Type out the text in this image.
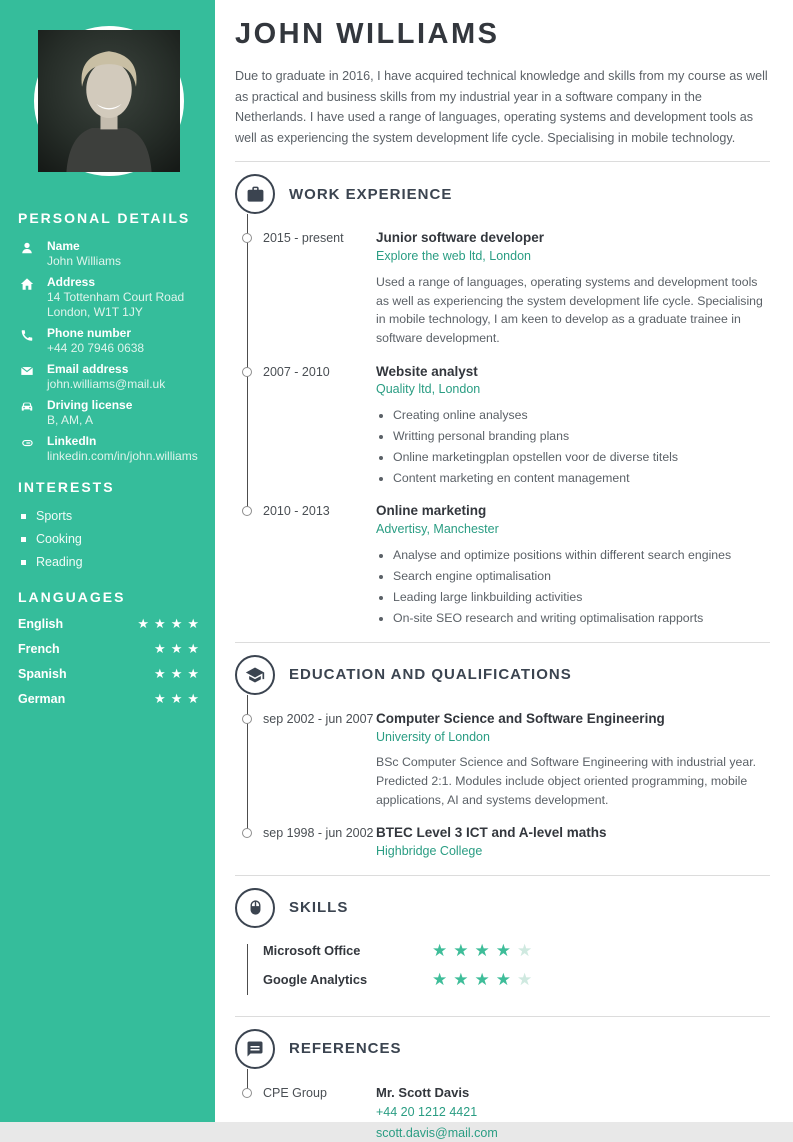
PERSONAL DETAILS
Name
John Williams
Address
14 Tottenham Court Road
London, W1T 1JY
Phone number
+44 20 7946 0638
Email address
john.williams@mail.uk
Driving license
B, AM, A
LinkedIn
linkedin.com/in/john.williams
INTERESTS
Sports
Cooking
Reading
LANGUAGES
English	★ ★ ★ ★
French	★ ★ ★
Spanish	★ ★ ★
German	★ ★ ★
JOHN WILLIAMS

Due to graduate in 2016, I have acquired technical knowledge and skills from my course as well as practical and business skills from my industrial year in a software company in the Netherlands. I have used a range of languages, operating systems and development tools as well as experiencing the system development life cycle. Specialising in mobile technology.

WORK EXPERIENCE
2015 - present Junior software developer
Explore the web ltd, London

Used a range of languages, operating systems and development tools as well as experiencing the system development life cycle. Specialising in mobile technology, I am keen to develop as a graduate trainee in software development.

2007 - 2010	Website analyst
Quality ltd, London
• Creating online analyses
• Writting personal branding plans
• Online marketingplan opstellen voor de diverse titels
• Content marketing en content management
2010 - 2013	Online marketing
Advertisy, Manchester
• Analyse and optimize positions within different search engines
• Search engine optimalisation
• Leading large linkbuilding activities
• On-site SEO research and writing optimalisation rapports
EDUCATION AND QUALIFICATIONS
sep 2002 - jun 2007 Computer Science and Software Engineering
University of London

BSc Computer Science and Software Engineering with industrial year. Predicted 2:1. Modules include object oriented programming, mobile applications, AI and systems development.

sep 1998 - jun 2002 BTEC Level 3 ICT and A-level maths
Highbridge College
SKILLS
Microsoft Office	★ ★ ★ ★ ★
Google Analytics	★ ★ ★ ★ ★
REFERENCES
CPE Group	Mr. Scott Davis
+44 20 1212 4421
scott.davis@mail.com
